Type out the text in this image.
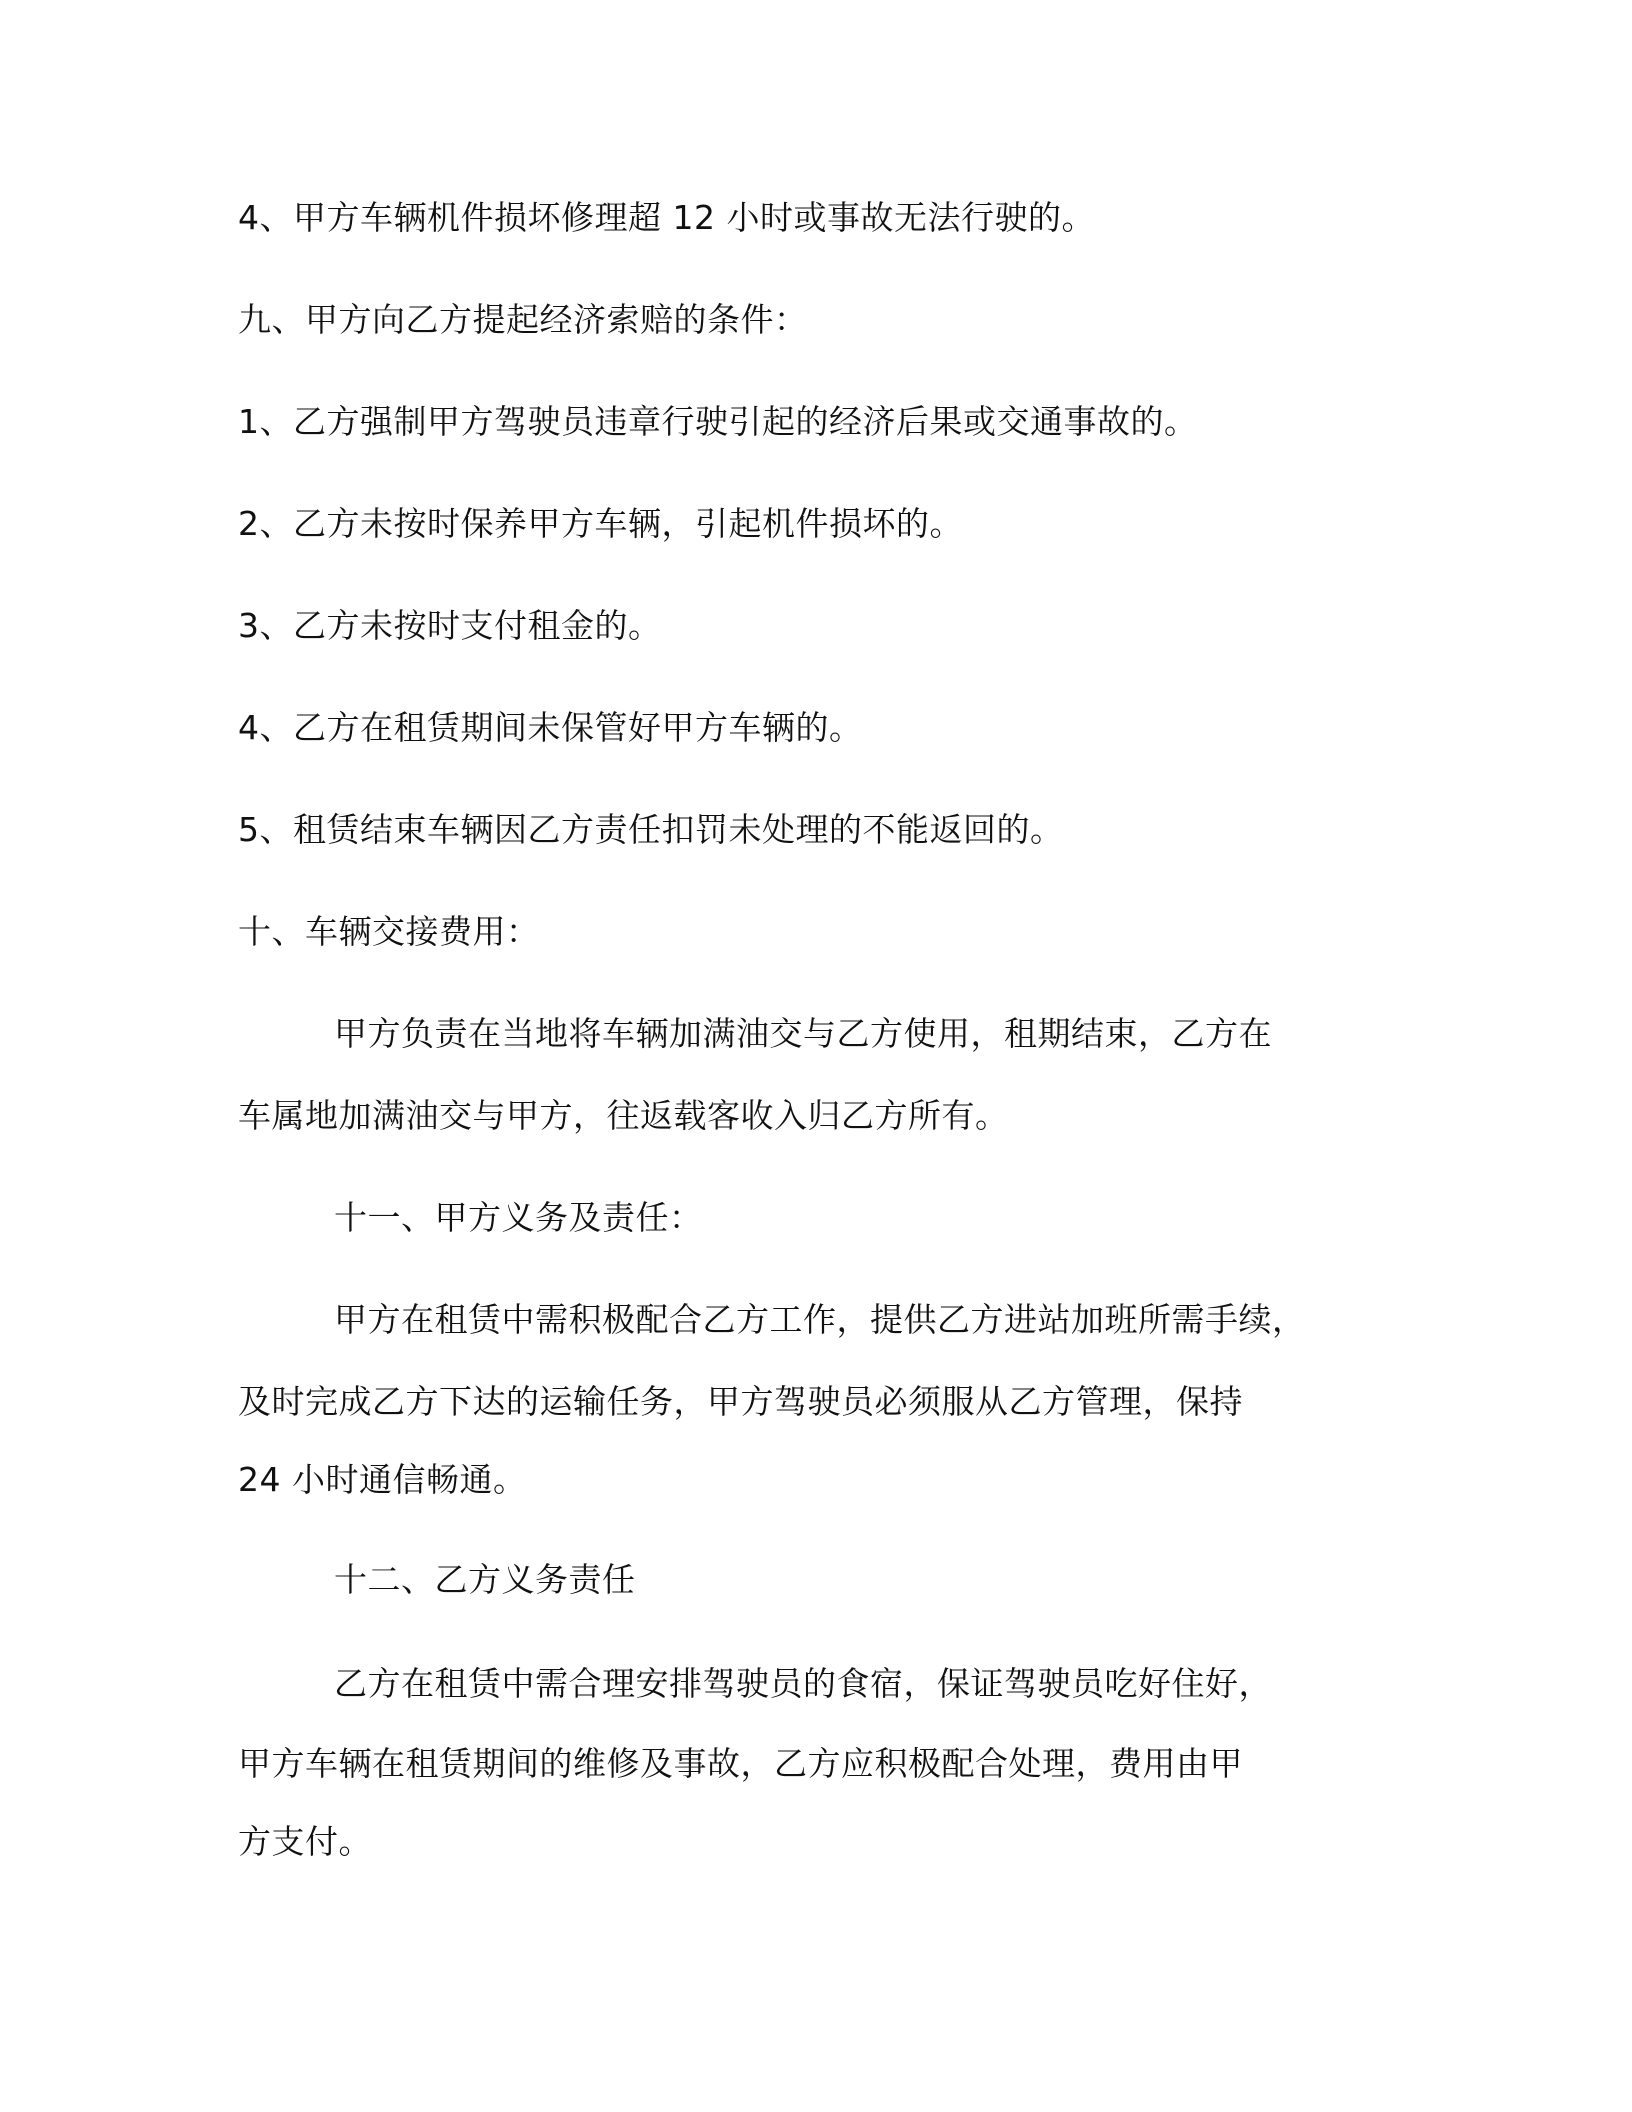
4、甲方车辆机件损坏修理超 12 小时或事故无法行驶的。
九、甲方向乙方提起经济索赔的条件：
1、乙方强制甲方驾驶员违章行驶引起的经济后果或交通事故的。
2、乙方未按时保养甲方车辆，引起机件损坏的。
3、乙方未按时支付租金的。
4、乙方在租赁期间未保管好甲方车辆的。
5、租赁结束车辆因乙方责任扣罚未处理的不能返回的。
十、车辆交接费用：
甲方负责在当地将车辆加满油交与乙方使用，租期结束，乙方在
车属地加满油交与甲方，往返载客收入归乙方所有。
十一、甲方义务及责任：
甲方在租赁中需积极配合乙方工作，提供乙方进站加班所需手续，
及时完成乙方下达的运输任务，甲方驾驶员必须服从乙方管理，保持
24 小时通信畅通。
十二、乙方义务责任
乙方在租赁中需合理安排驾驶员的食宿，保证驾驶员吃好住好，
甲方车辆在租赁期间的维修及事故，乙方应积极配合处理，费用由甲
方支付。
